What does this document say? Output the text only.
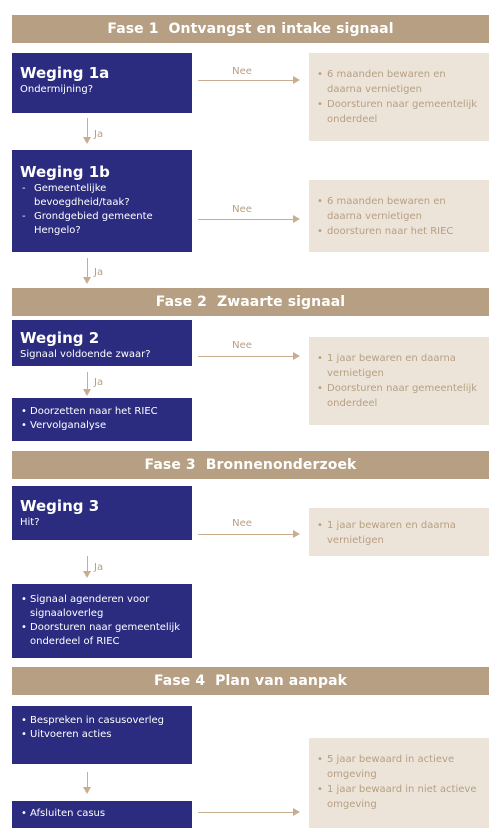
Fase 1  Ontvangst en intake signaal
Fase 2  Zwaarte signaal
Fase 3  Bronnenonderzoek
Fase 4  Plan van aanpak
Weging 1a
Ondermijning?
Nee	• 6 maanden bewaren en daarna vernietigen
• Doorsturen naar gemeentelijk onderdeel
Ja
Weging 1b
- Gemeentelijke bevoegdheid/taak?
- Grondgebied gemeente Hengelo?
Nee
• 6 maanden bewaren en daarna vernietigen
• doorsturen naar het RIEC
Ja
Weging 2
Signaal voldoende zwaar?
Nee
• 1 jaar bewaren en daarna vernietigen
• Doorsturen naar gemeentelijk onderdeel
Ja
• Doorzetten naar het RIEC
• Vervolganalyse
Weging 3
Hit?	Nee	• 1 jaar bewaren en daarna vernietigen
Ja
• Signaal agenderen voor signaaloverleg
• Doorsturen naar gemeentelijk onderdeel of RIEC
• Bespreken in casusoverleg
• Uitvoeren acties
• Afsluiten casus
• 5 jaar bewaard in actieve omgeving
• 1 jaar bewaard in niet actieve omgeving
